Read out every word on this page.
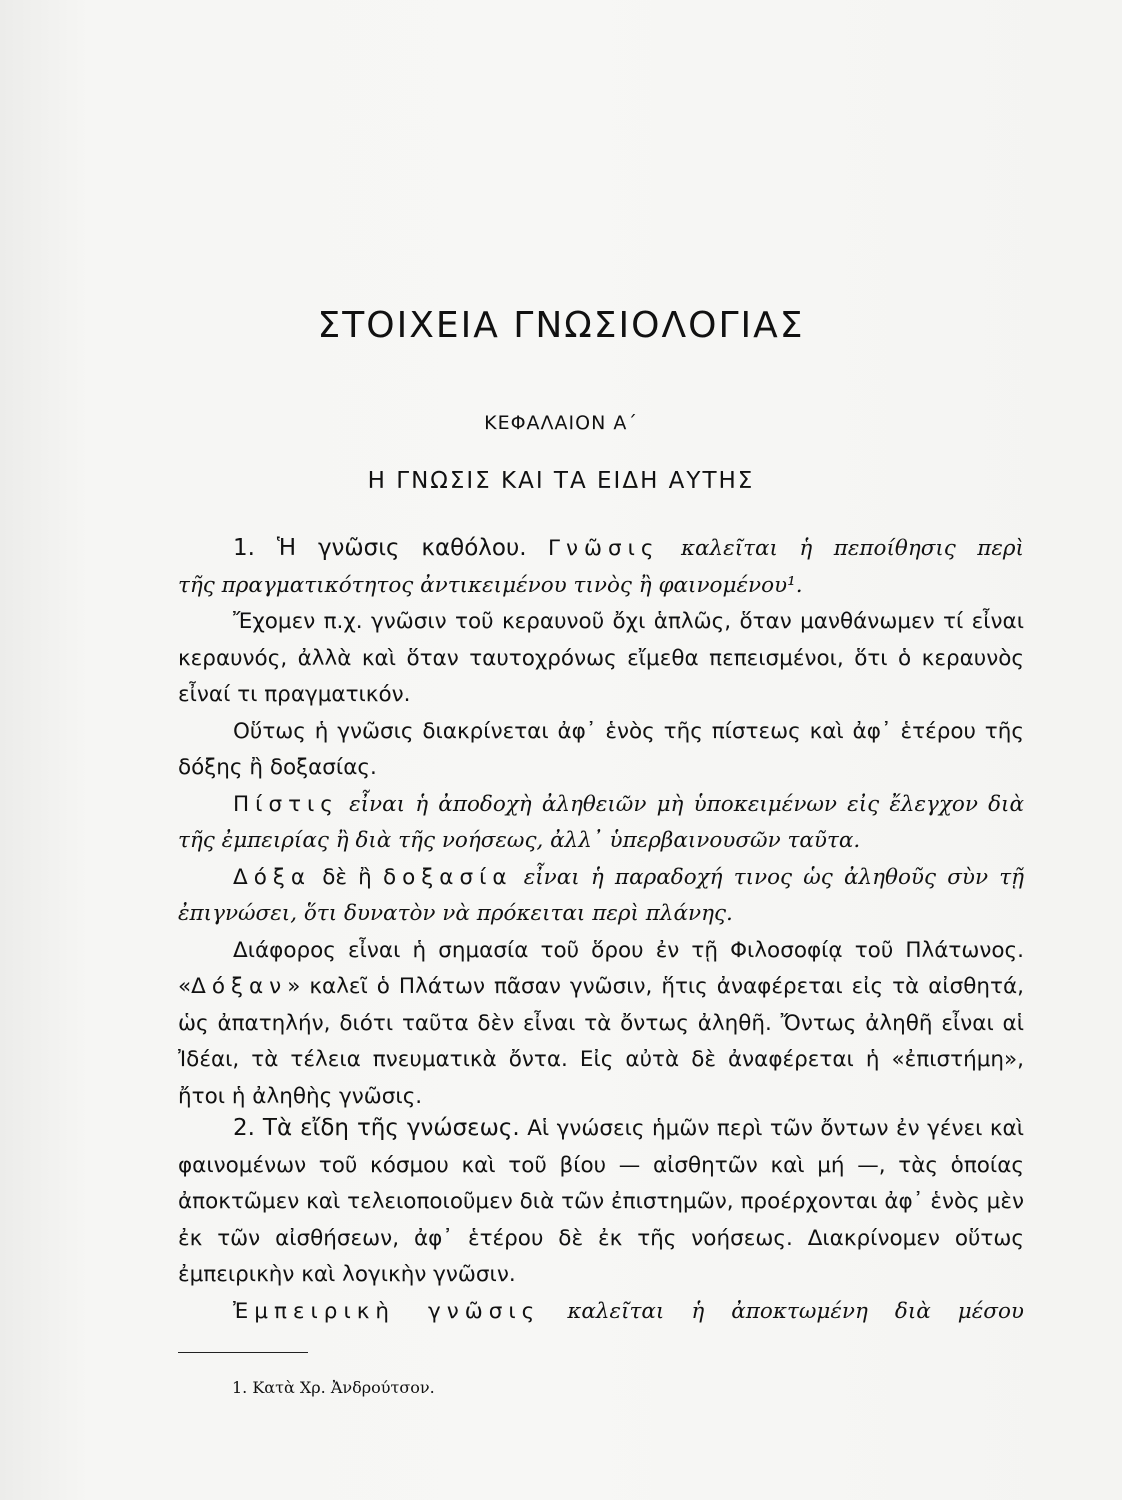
ΣΤΟΙΧΕΙΑ ΓΝΩΣΙΟΛΟΓΙΑΣ
ΚΕΦΑΛΑΙΟΝ Α΄
Η ΓΝΩΣΙΣ ΚΑΙ ΤΑ ΕΙΔΗ ΑΥΤΗΣ

1. Ἡ γνῶσις καθόλου. Γνῶσις καλεῖται ἡ πεποίθησις περὶ

τῆς πραγματικότητος ἀντικειμένου τινὸς ἢ φαινομένου¹.

Ἔχομεν π.χ. γνῶσιν τοῦ κεραυνοῦ ὄχι ἁπλῶς, ὅταν μανθάνωμεν τί εἶναι κεραυνός, ἀλλὰ καὶ ὅταν ταυτοχρόνως εἴμεθα πεπεισμένοι, ὅτι ὁ κεραυνὸς εἶναί τι πραγματικόν.

Οὕτως ἡ γνῶσις διακρίνεται ἀφ᾽ ἑνὸς τῆς πίστεως καὶ ἀφ᾽ ἑτέρου τῆς δόξης ἢ δοξασίας.

Πίστις εἶναι ἡ ἀποδοχὴ ἀληθειῶν μὴ ὑποκειμένων εἰς ἔλεγχον διὰ τῆς ἐμπειρίας ἢ διὰ τῆς νοήσεως, ἀλλ᾽ ὑπερβαινουσῶν ταῦτα.

Δόξα δὲ ἢ δοξασία εἶναι ἡ παραδοχή τινος ὡς ἀληθοῦς σὺν τῇ ἐπιγνώσει, ὅτι δυνατὸν νὰ πρόκειται περὶ πλάνης.

Διάφορος εἶναι ἡ σημασία τοῦ ὅρου ἐν τῇ Φιλοσοφίᾳ τοῦ Πλάτωνος. «Δόξαν» καλεῖ ὁ Πλάτων πᾶσαν γνῶσιν, ἥτις ἀναφέρεται εἰς τὰ αἰσθητά, ὡς ἀπατηλήν, διότι ταῦτα δὲν εἶναι τὰ ὄντως ἀληθῆ. Ὄντως ἀληθῆ εἶναι αἱ Ἰδέαι, τὰ τέλεια πνευματικὰ ὄντα. Εἰς αὐτὰ δὲ ἀναφέρεται ἡ «ἐπιστήμη», ἤτοι ἡ ἀληθὴς γνῶσις.

2. Τὰ εἴδη τῆς γνώσεως. Αἱ γνώσεις ἡμῶν περὶ τῶν ὄντων ἐν γένει καὶ φαινομένων τοῦ κόσμου καὶ τοῦ βίου — αἰσθητῶν καὶ μή —, τὰς ὁποίας ἀποκτῶμεν καὶ τελειοποιοῦμεν διὰ τῶν ἐπιστημῶν, προέρχονται ἀφ᾽ ἑνὸς μὲν ἐκ τῶν αἰσθήσεων, ἀφ᾽ ἑτέρου δὲ ἐκ τῆς νοήσεως. Διακρίνομεν οὕτως ἐμπειρικὴν καὶ λογικὴν γνῶσιν.

Ἐμπειρικὴ γνῶσις καλεῖται ἡ ἀποκτωμένη διὰ μέσου

1. Κατὰ Χρ. Ἀνδρούτσον.
